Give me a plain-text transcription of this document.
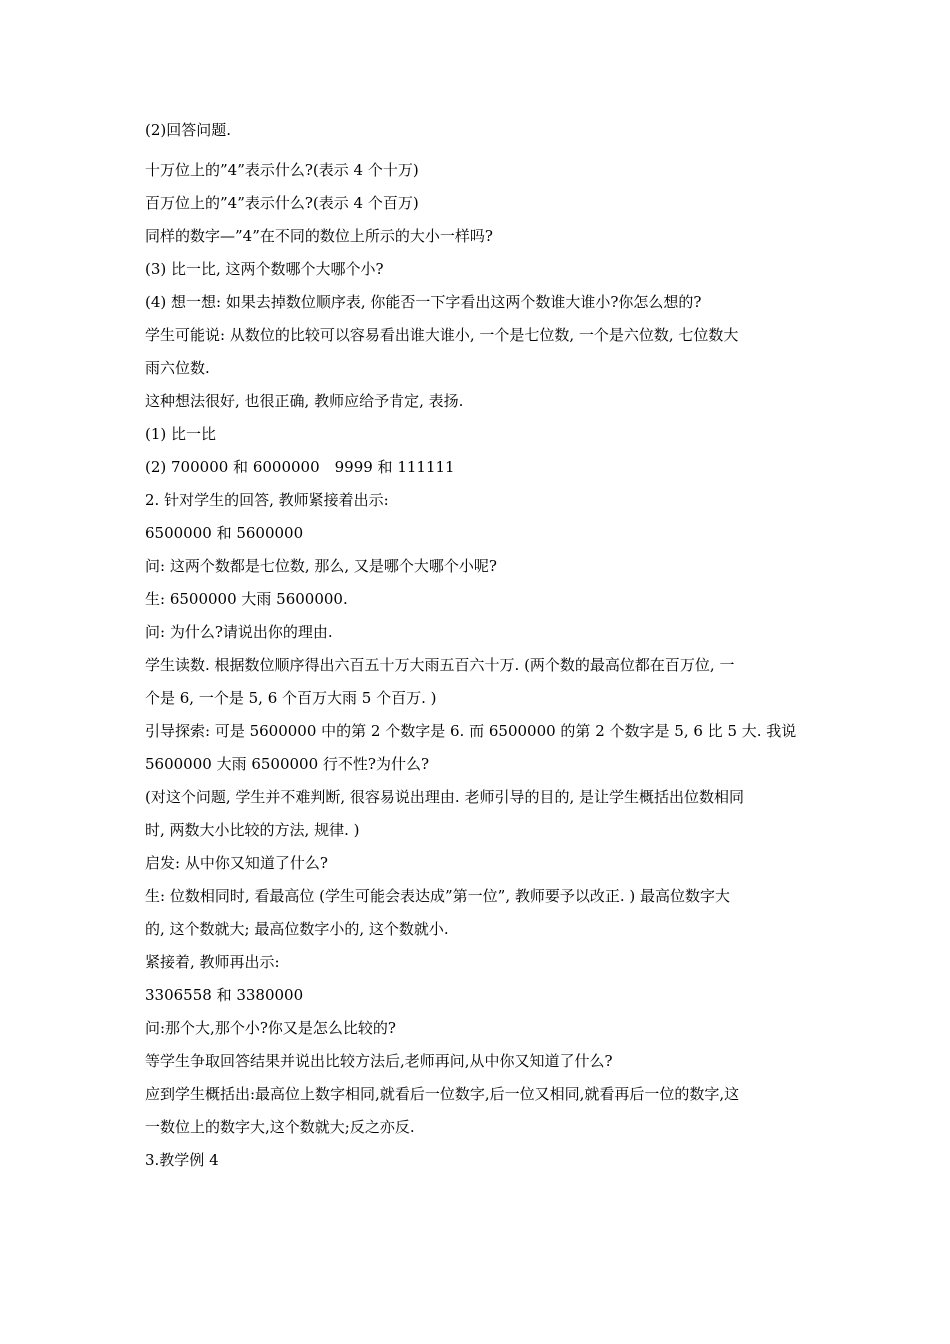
(2)回答问题.
十万位上的”4”表示什么?(表示 4 个十万)
百万位上的”4”表示什么?(表示 4 个百万)
同样的数字—”4”在不同的数位上所示的大小一样吗?
(3) 比一比, 这两个数哪个大哪个小?
(4) 想一想: 如果去掉数位顺序表, 你能否一下字看出这两个数谁大谁小?你怎么想的?
学生可能说: 从数位的比较可以容易看出谁大谁小, 一个是七位数, 一个是六位数, 七位数大
雨六位数.
这种想法很好, 也很正确, 教师应给予肯定, 表扬.
(1) 比一比
(2) 700000 和 6000000　9999 和 111111
2. 针对学生的回答, 教师紧接着出示:
6500000 和 5600000
问: 这两个数都是七位数, 那么, 又是哪个大哪个小呢?
生: 6500000 大雨 5600000.
问: 为什么?请说出你的理由.
学生读数. 根据数位顺序得出六百五十万大雨五百六十万. (两个数的最高位都在百万位, 一
个是 6, 一个是 5, 6 个百万大雨 5 个百万. )
引导探索: 可是 5600000 中的第 2 个数字是 6. 而 6500000 的第 2 个数字是 5, 6 比 5 大. 我说
5600000 大雨 6500000 行不性?为什么?
(对这个问题, 学生并不难判断, 很容易说出理由. 老师引导的目的, 是让学生概括出位数相同
时, 两数大小比较的方法, 规律. )
启发: 从中你又知道了什么?
生: 位数相同时, 看最高位 (学生可能会表达成”第一位”, 教师要予以改正. ) 最高位数字大
的, 这个数就大; 最高位数字小的, 这个数就小.
紧接着, 教师再出示:
3306558 和 3380000
问:那个大,那个小?你又是怎么比较的?
等学生争取回答结果并说出比较方法后,老师再问,从中你又知道了什么?
应到学生概括出:最高位上数字相同,就看后一位数字,后一位又相同,就看再后一位的数字,这
一数位上的数字大,这个数就大;反之亦反.
3.教学例 4
